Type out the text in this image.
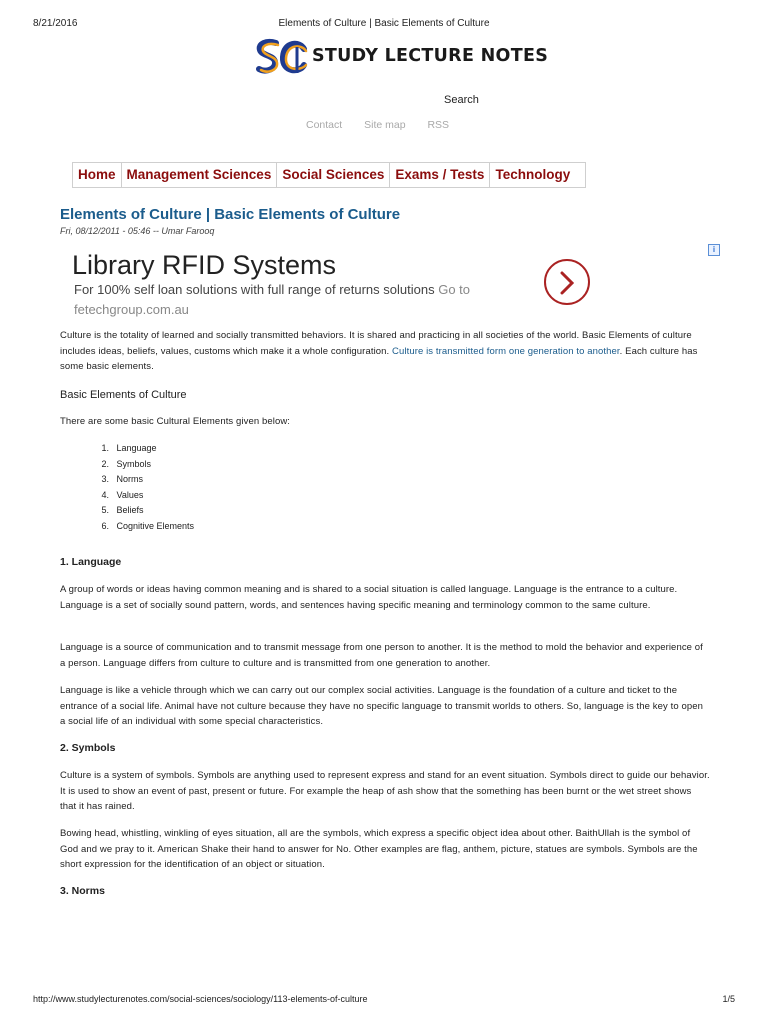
8/21/2016	Elements of Culture | Basic Elements of Culture
STUDY LECTURE NOTES
Search
Contact Site map RSS
Home Management Sciences Social Sciences Exams / Tests Technology
Elements of Culture | Basic Elements of Culture
Fri, 08/12/2011 - 05:46 -- Umar Farooq
Library RFID Systems
For 100% self loan solutions with full range of returns solutions Go to fetechgroup.com.au
i

Culture is the totality of learned and socially transmitted behaviors. It is shared and practicing in all societies of the world. Basic Elements of culture includes ideas, beliefs, values, customs which make it a whole configuration. Culture is transmitted form one generation to another. Each culture has some basic elements.

Basic Elements of Culture

There are some basic Cultural Elements given below:

1. Language
2. Symbols
3. Norms
4. Values
5. Beliefs
6. Cognitive Elements
1. Language

A group of words or ideas having common meaning and is shared to a social situation is called language. Language is the entrance to a culture. Language is a set of socially sound pattern, words, and sentences having specific meaning and terminology common to the same culture.

Language is a source of communication and to transmit message from one person to another. It is the method to mold the behavior and experience of a person. Language differs from culture to culture and is transmitted from one generation to another.

Language is like a vehicle through which we can carry out our complex social activities. Language is the foundation of a culture and ticket to the entrance of a social life. Animal have not culture because they have no specific language to transmit worlds to others. So, language is the key to open a social life of an individual with some special characteristics.

2. Symbols

Culture is a system of symbols. Symbols are anything used to represent express and stand for an event situation. Symbols direct to guide our behavior. It is used to show an event of past, present or future. For example the heap of ash show that the something has been burnt or the wet street shows that it has rained.

Bowing head, whistling, winkling of eyes situation, all are the symbols, which express a specific object idea about other. BaithUllah is the symbol of God and we pray to it. American Shake their hand to answer for No. Other examples are flag, anthem, picture, statues are symbols. Symbols are the short expression for the identification of an object or situation.

3. Norms
http://www.studylecturenotes.com/social-sciences/sociology/113-elements-of-culture	1/5
